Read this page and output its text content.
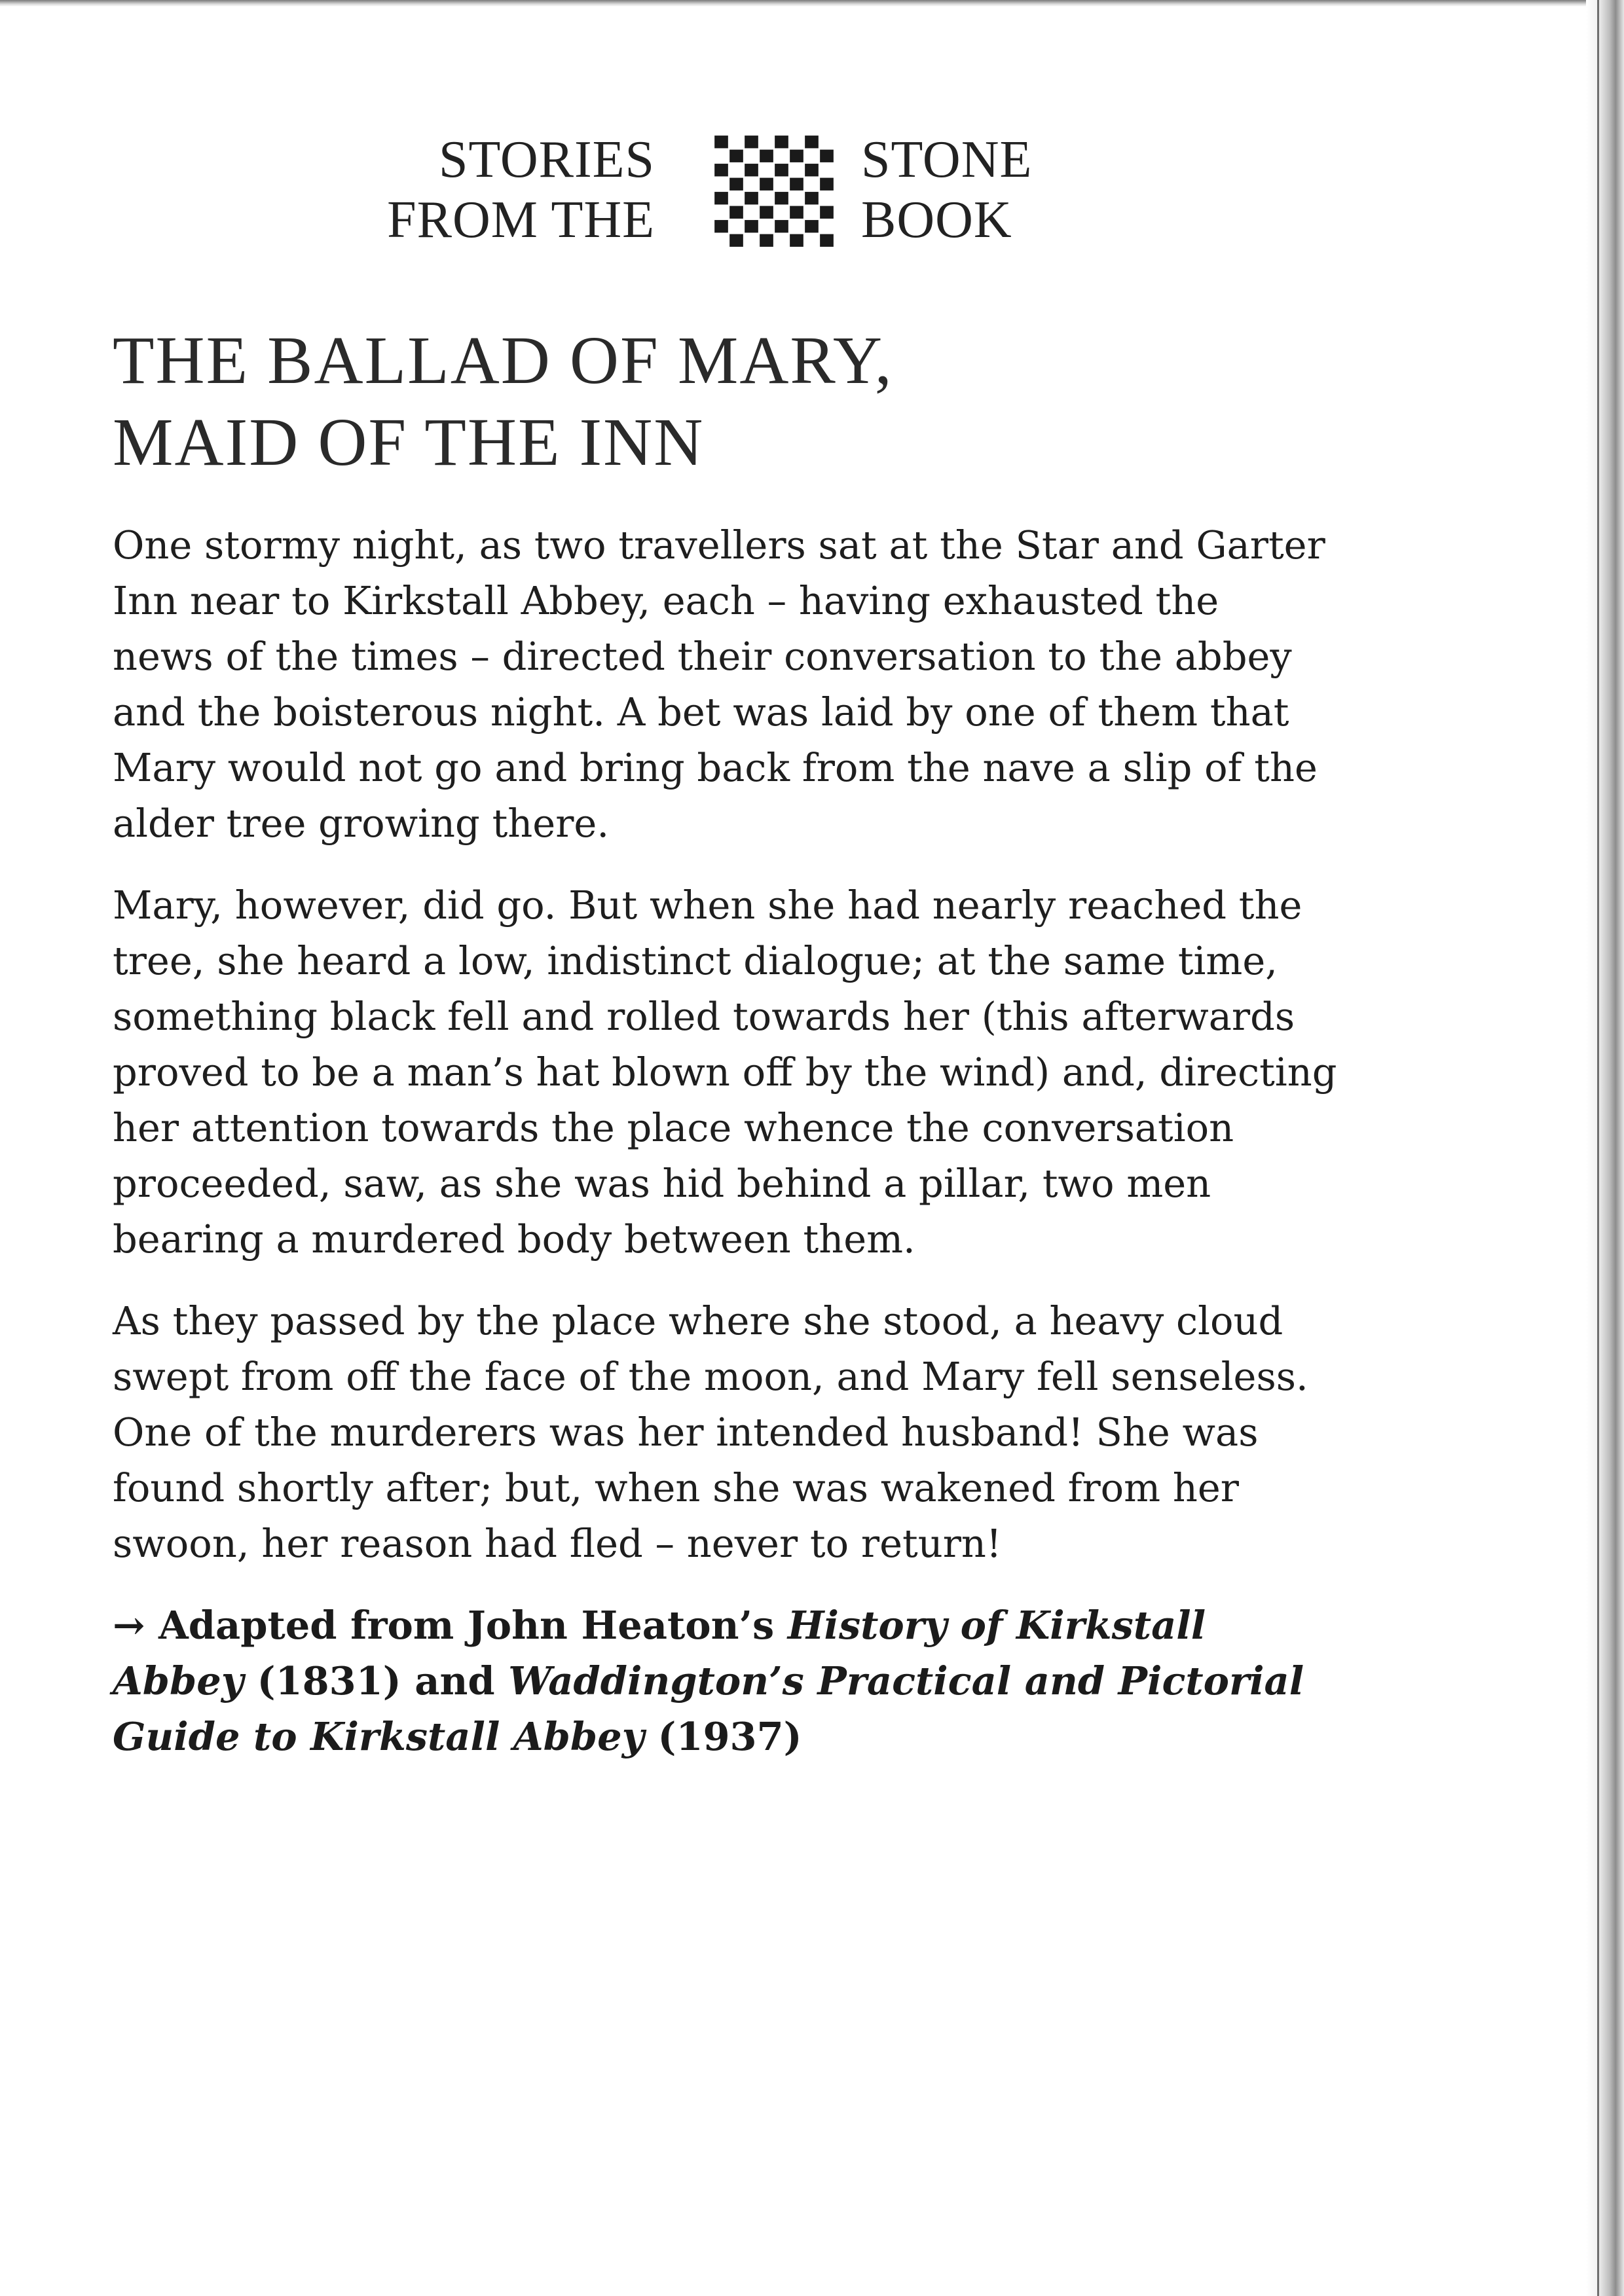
STORIES
FROM THE
STONE
BOOK
THE BALLAD OF MARY,
MAID OF THE INN

One stormy night, as two travellers sat at the Star and Garter
Inn near to Kirkstall Abbey, each – having exhausted the
news of the times – directed their conversation to the abbey
and the boisterous night. A bet was laid by one of them that
Mary would not go and bring back from the nave a slip of the
alder tree growing there.

Mary, however, did go. But when she had nearly reached the
tree, she heard a low, indistinct dialogue; at the same time,
something black fell and rolled towards her (this afterwards
proved to be a man’s hat blown off by the wind) and, directing
her attention towards the place whence the conversation
proceeded, saw, as she was hid behind a pillar, two men
bearing a murdered body between them.

As they passed by the place where she stood, a heavy cloud
swept from off the face of the moon, and Mary fell senseless.
One of the murderers was her intended husband! She was
found shortly after; but, when she was wakened from her
swoon, her reason had fled – never to return!

→ Adapted from John Heaton’s History of Kirkstall
Abbey (1831) and Waddington’s Practical and Pictorial
Guide to Kirkstall Abbey (1937)
